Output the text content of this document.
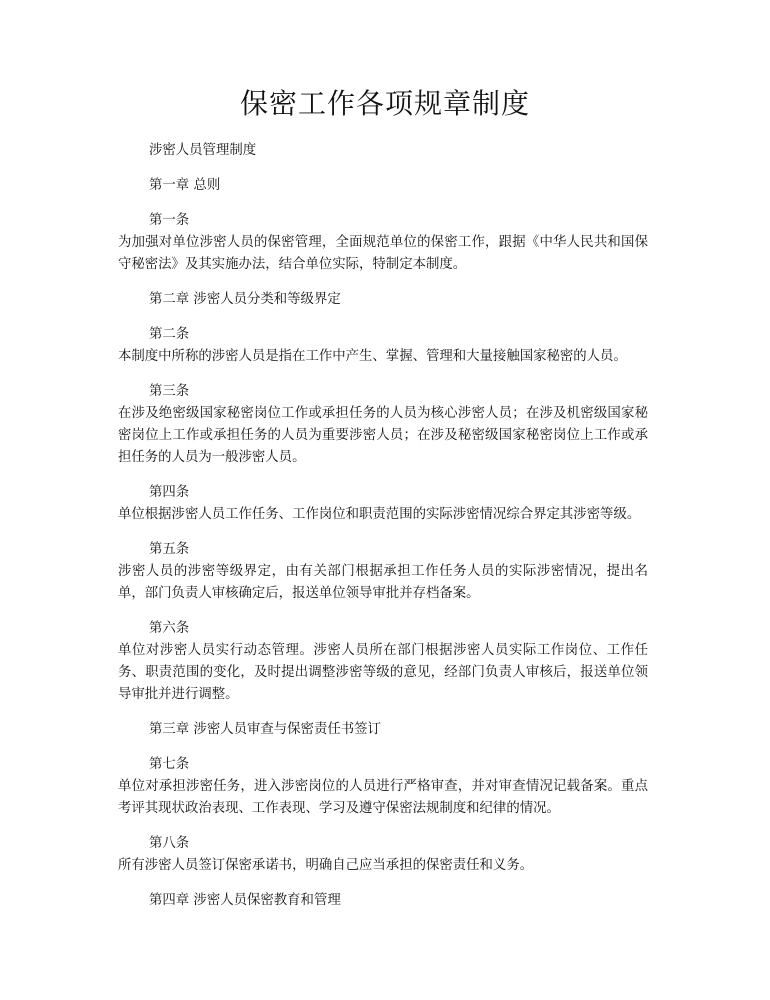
保密工作各项规章制度
涉密人员管理制度
第一章 总则
第一条
为加强对单位涉密人员的保密管理，全面规范单位的保密工作，跟据《中华人民共和国保守秘密法》及其实施办法，结合单位实际，特制定本制度。
第二章 涉密人员分类和等级界定
第二条
本制度中所称的涉密人员是指在工作中产生、掌握、管理和大量接触国家秘密的人员。
第三条
在涉及绝密级国家秘密岗位工作或承担任务的人员为核心涉密人员；在涉及机密级国家秘密岗位上工作或承担任务的人员为重要涉密人员；在涉及秘密级国家秘密岗位上工作或承担任务的人员为一般涉密人员。
第四条
单位根据涉密人员工作任务、工作岗位和职责范围的实际涉密情况综合界定其涉密等级。
第五条
涉密人员的涉密等级界定，由有关部门根据承担工作任务人员的实际涉密情况，提出名单，部门负责人审核确定后，报送单位领导审批并存档备案。
第六条
单位对涉密人员实行动态管理。涉密人员所在部门根据涉密人员实际工作岗位、工作任务、职责范围的变化，及时提出调整涉密等级的意见，经部门负责人审核后，报送单位领导审批并进行调整。
第三章 涉密人员审查与保密责任书签订
第七条
单位对承担涉密任务，进入涉密岗位的人员进行严格审查，并对审查情况记载备案。重点考评其现状政治表现、工作表现、学习及遵守保密法规制度和纪律的情况。
第八条
所有涉密人员签订保密承诺书，明确自己应当承担的保密责任和义务。
第四章 涉密人员保密教育和管理
